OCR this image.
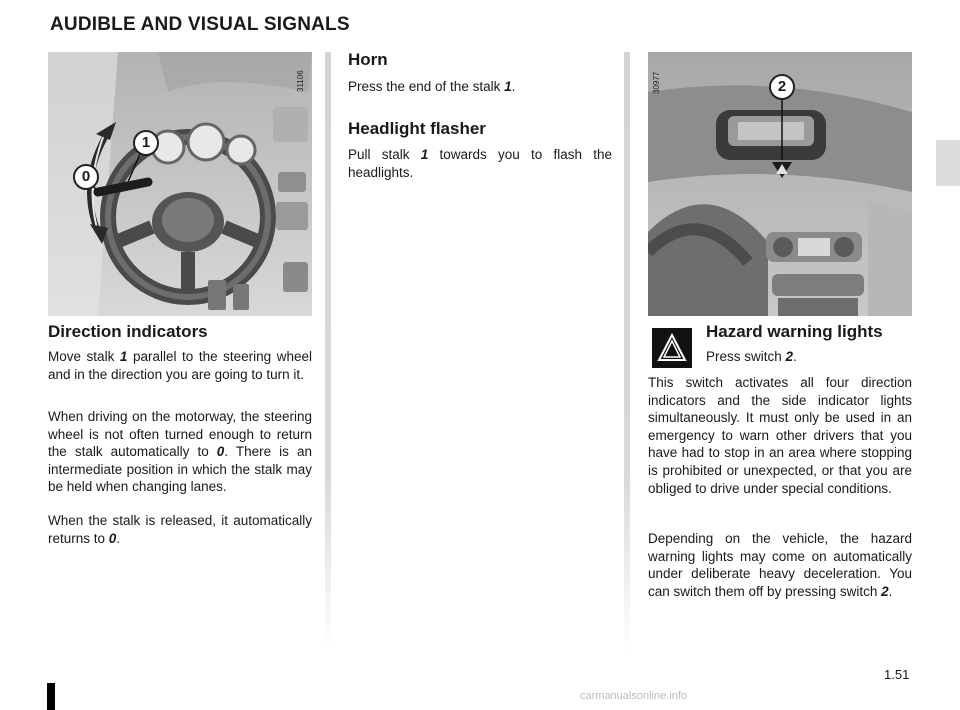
AUDIBLE AND VISUAL SIGNALS
31106
1
0
30977	2
Direction indicators

Move stalk 1 parallel to the steering wheel and in the direction you are going to turn it.

When driving on the motorway, the steering wheel is not often turned enough to return the stalk automatically to 0. There is an intermediate position in which the stalk may be held when changing lanes.

When the stalk is released, it automatically returns to 0.

Horn

Press the end of the stalk 1.

Headlight flasher

Pull stalk 1 towards you to flash the headlights.

Hazard warning lights

Press switch 2.

This switch activates all four direction indicators and the side indicator lights simultaneously. It must only be used in an emergency to warn other drivers that you have had to stop in an area where stopping is prohibited or unexpected, or that you are obliged to drive under special conditions.

Depending on the vehicle, the hazard warning lights may come on automatically under deliberate heavy deceleration. You can switch them off by pressing switch 2.

1.51
carmanualsonline.info
